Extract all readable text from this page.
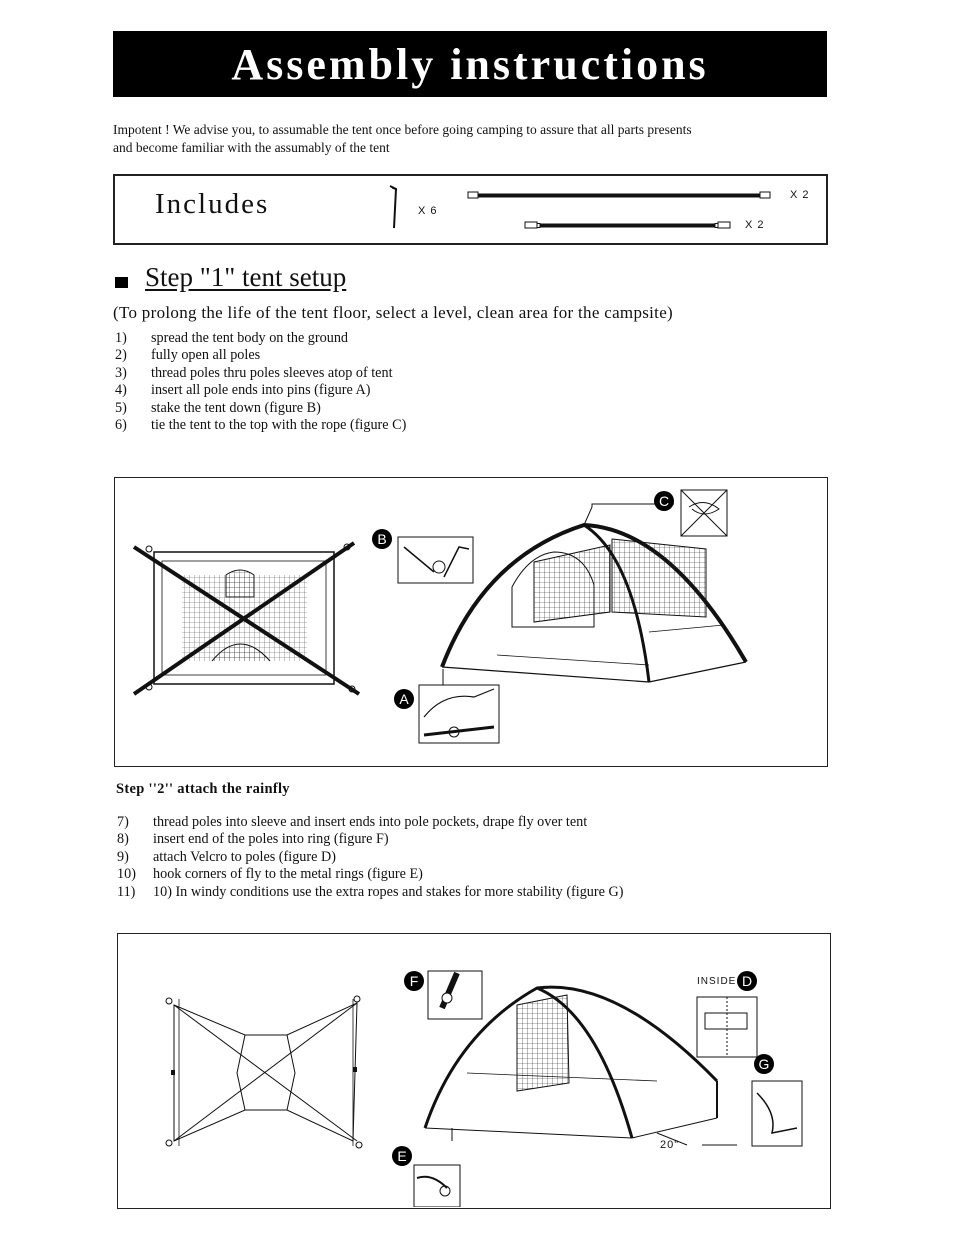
Assembly instructions
Impotent ! We advise you, to assumable the tent once before going camping to assure that all parts presents
and become familiar with the assumably of the tent
Includes	X 6
X 2
X 2
Step "1" tent setup
(To prolong the life of the tent floor, select a level, clean area for the campsite)
1)	spread the tent body on the ground
2)	fully open all poles
3)	thread poles thru poles sleeves atop of tent
4)	insert all pole ends into pins (figure A)
5)	stake the tent down (figure B)
6)	tie the tent to the top with the rope (figure C)
B
C
A
Step ''2'' attach the rainfly
7)	thread poles into sleeve and insert ends into pole pockets, drape fly over tent
8)	insert end of the poles into ring (figure F)
9)	attach Velcro to poles (figure D)
10)	hook corners of fly to the metal rings (figure E)
11)	10) In windy conditions use the extra ropes and stakes for more stability (figure G)
F	D
G
E
INSIDE
20"
